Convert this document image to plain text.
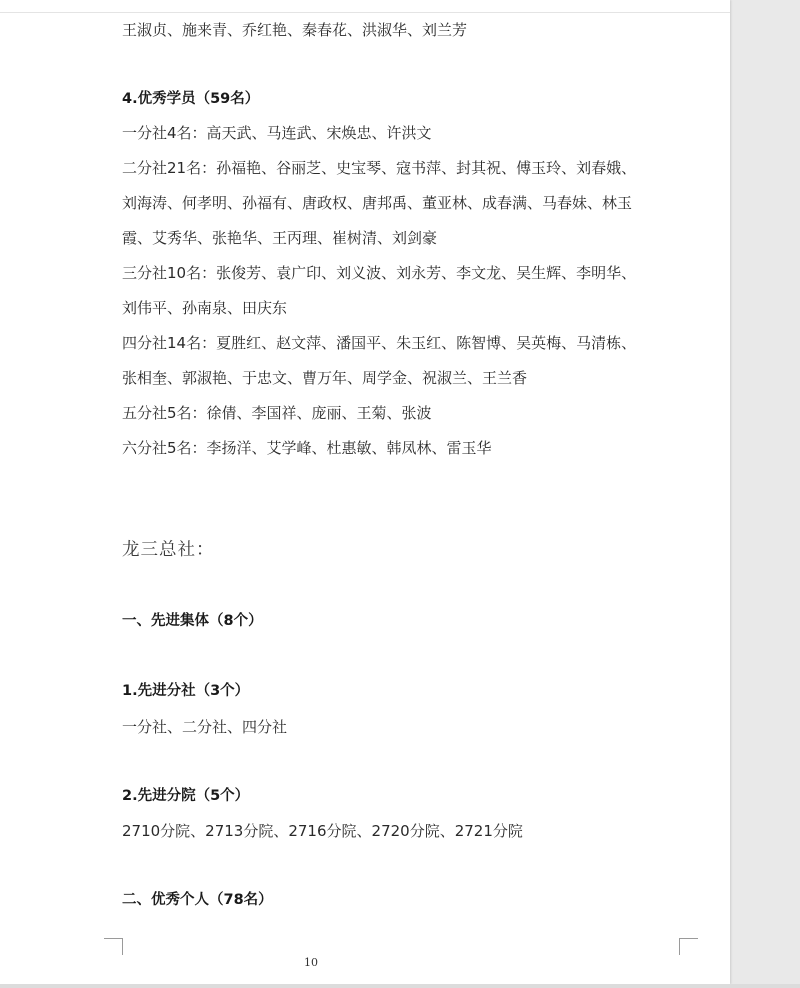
王淑贞、施来青、乔红艳、秦春花、洪淑华、刘兰芳
4.优秀学员（59名）
一分社4名：高天武、马连武、宋焕忠、许洪文
二分社21名：孙福艳、谷丽芝、史宝琴、寇书萍、封其祝、傅玉玲、刘春娥、
刘海涛、何孝明、孙福有、唐政权、唐邦禹、董亚林、成春满、马春妹、林玉
霞、艾秀华、张艳华、王丙理、崔树清、刘剑豪
三分社10名：张俊芳、袁广印、刘义波、刘永芳、李文龙、吴生辉、李明华、
刘伟平、孙南泉、田庆东
四分社14名：夏胜红、赵文萍、潘国平、朱玉红、陈智博、吴英梅、马清栋、
张相奎、郭淑艳、于忠文、曹万年、周学金、祝淑兰、王兰香
五分社5名：徐倩、李国祥、庞丽、王菊、张波
六分社5名：李扬洋、艾学峰、杜惠敏、韩凤林、雷玉华
龙三总社：
一、先进集体（8个）
1.先进分社（3个）
一分社、二分社、四分社
2.先进分院（5个）
2710分院、2713分院、2716分院、2720分院、2721分院
二、优秀个人（78名）
10
